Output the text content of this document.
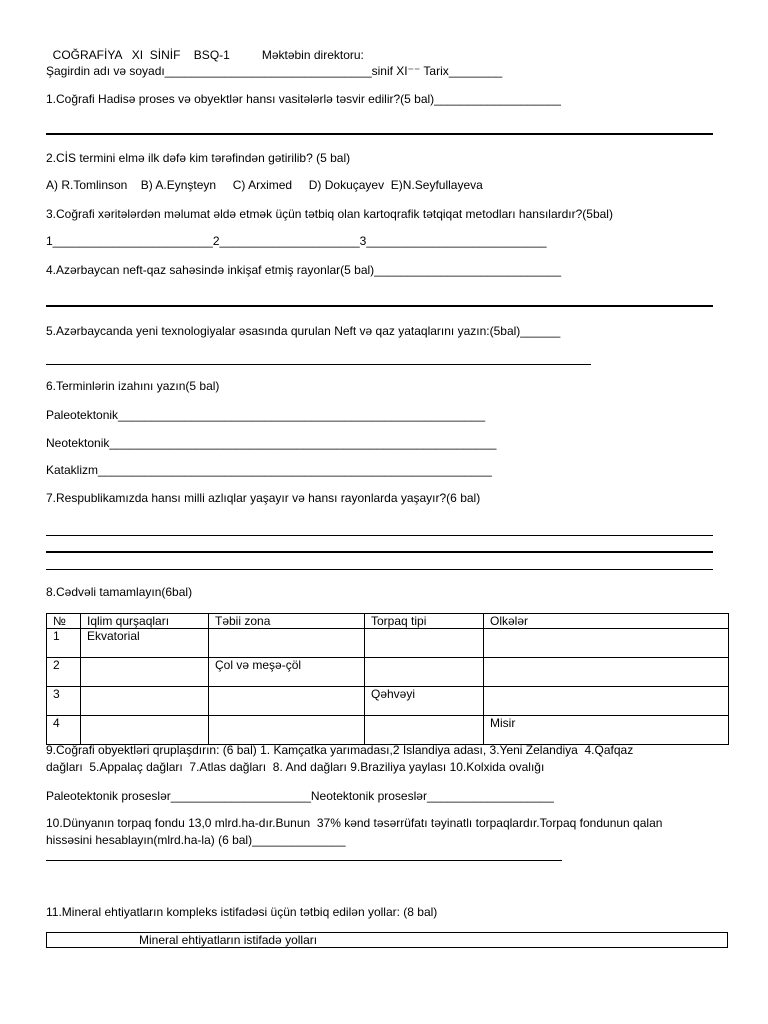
COĞRAFİYA   XI  SİNİF    BSQ-1	Məktəbin direktoru:

Şagirdin adı və soyadı_______________________________sinif XI⁻⁻ Tarix________
1.Coğrafi Hadisə proses və obyektlər hansı vasitələrlə təsvir edilir?(5 bal)___________________
2.CİS termini elmə ilk dəfə kim tərəfindən gətirilib? (5 bal)
A) R.Tomlinson    B) A.Eynştеyn     C) Arximed     D) Dokuçayev  E)N.Seyfullayeva
3.Coğrafi xəritələrdən məlumat əldə etmək üçün tətbiq olan kartoqrafik tətqiqat metodları hansılardır?(5bal)
1________________________2_____________________3___________________________
4.Azərbaycan neft-qaz sahəsində inkişaf etmiş rayonlar(5 bal)____________________________
5.Azərbaycanda yeni texnologiyalar əsasında qurulan Neft və qaz yataqlarını yazın:(5bal)______
6.Terminlərin izahını yazın(5 bal)
Paleotektonik_______________________________________________________
Neotektonik__________________________________________________________
Kataklizm___________________________________________________________
7.Respublikamızda hansı milli azlıqlar yaşayır və hansı rayonlarda yaşayır?(6 bal)
8.Cədvəli tamamlayın(6bal)
№	Iqlim qurşaqları	Təbii zona	Torpaq tipi	Olkələr
1	Ekvatorial			
2		Çol və meşə-çöl		
3			Qəhvəyi	
4				Misir
9.Coğrafi obyektləri qruplaşdırın: (6 bal) 1. Kamçatka yarımadası,2 Islandiya adası, 3.Yeni Zelandiya  4.Qafqaz
dağları  5.Appalaç dağları  7.Atlas dağları  8. And dağları 9.Braziliya yaylası 10.Kolxida ovalığı
Paleotektonik proseslər_____________________Neotektonik proseslər___________________
10.Dünyanın torpaq fondu 13,0 mlrd.ha-dır.Bunun  37% kənd təsərrüfatı təyinatlı torpaqlardır.Torpaq fondunun qalan
hissəsini hesablayın(mlrd.ha-la) (6 bal)______________
11.Mineral ehtiyatların kompleks istifadəsi üçün tətbiq edilən yollar: (8 bal)
Mineral ehtiyatların istifadə yolları
